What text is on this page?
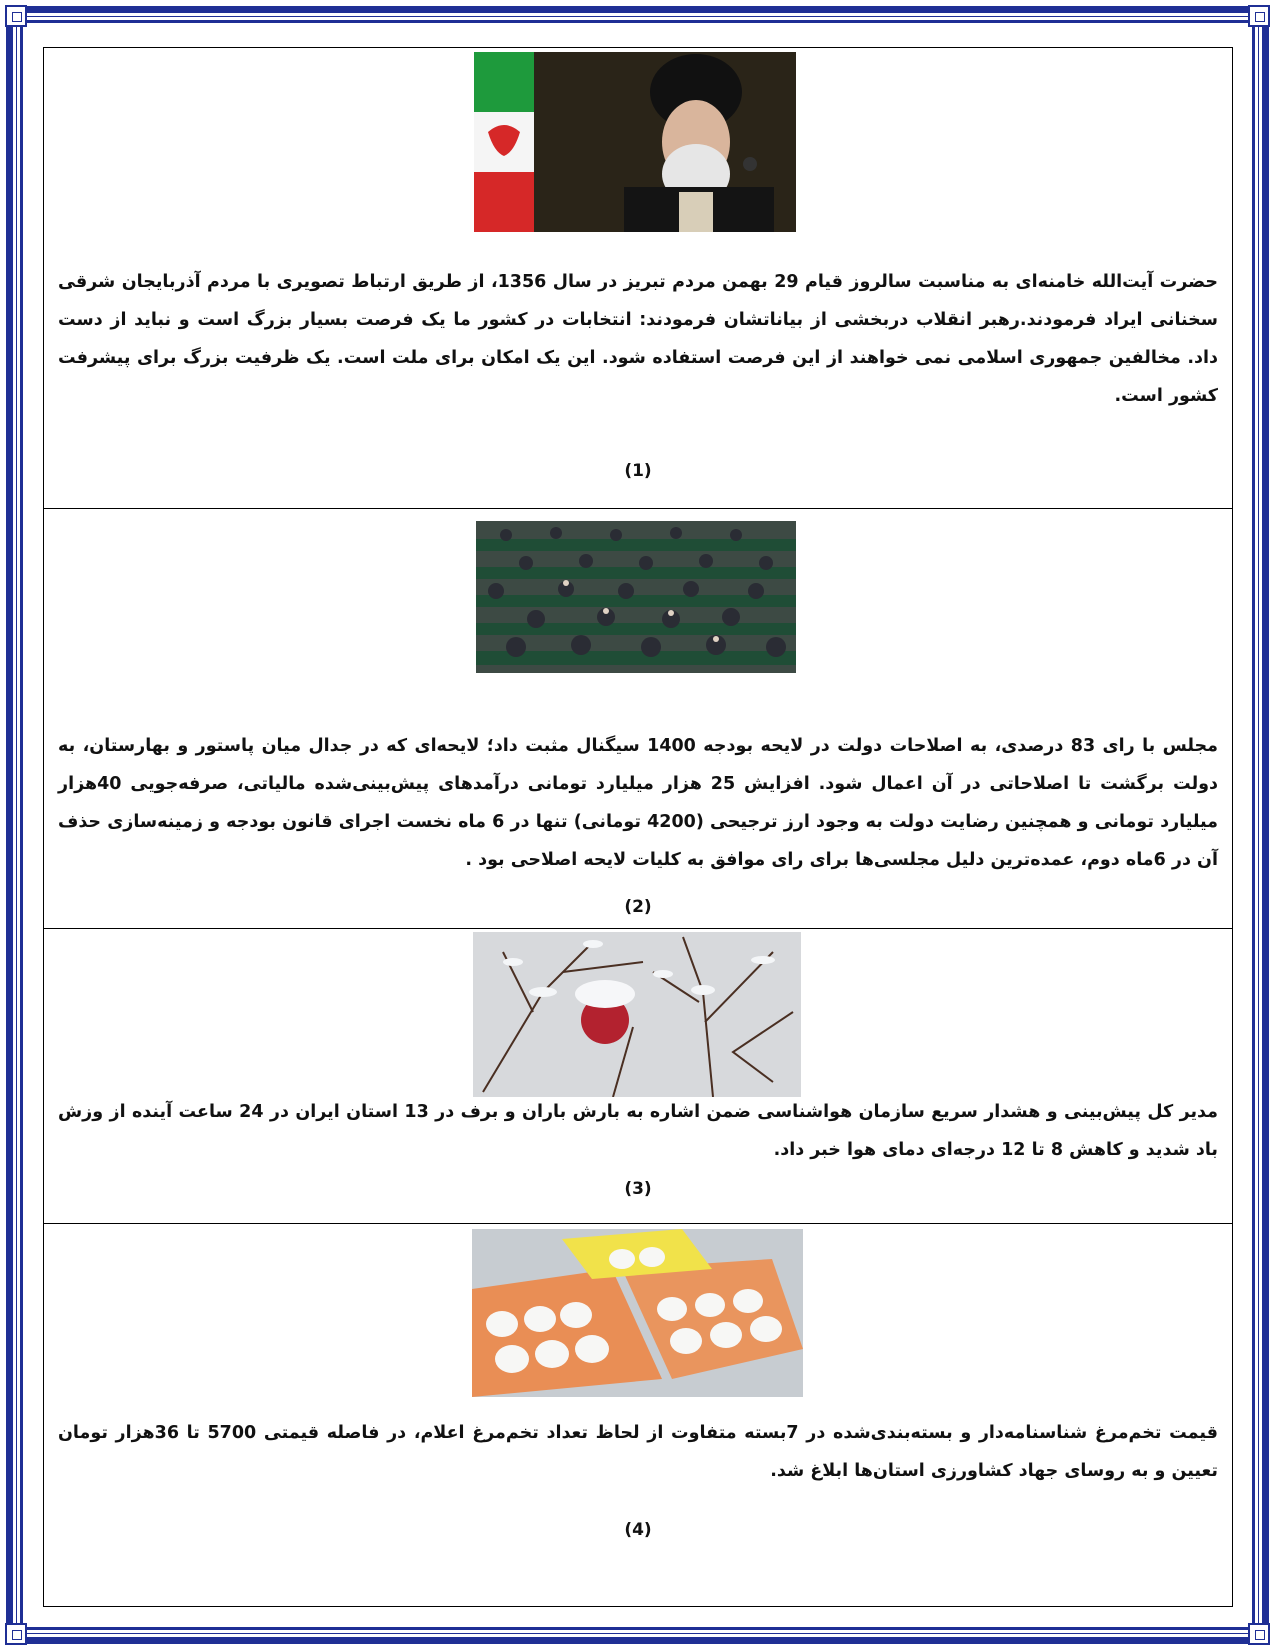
حضرت آیت‌الله خامنه‌ای به مناسبت سالروز قیام 29 بهمن مردم تبریز در سال 1356، از طریق ارتباط تصویری با مردم آذربایجان شرقی سخنانی ایراد فرمودند.رهبر انقلاب دربخشی از بیاناتشان فرمودند: انتخابات در کشور ما یک فرصت بسیار بزرگ است و نباید از دست داد. مخالفین جمهوری اسلامی نمی خواهند از این فرصت استفاده شود. این یک امکان برای ملت است. یک ظرفیت بزرگ برای پیشرفت کشور است.
(1)
مجلس با رای 83 درصدی، به اصلاحات دولت در لایحه بودجه 1400 سیگنال مثبت داد؛ لایحه‌ای که در جدال میان پاستور و بهارستان، به دولت برگشت تا اصلاحاتی در آن اعمال شود. افزایش 25 هزار میلیارد تومانی درآمدهای پیش‌بینی‌شده مالیاتی، صرفه‌جویی 40هزار میلیارد تومانی و همچنین رضایت دولت به وجود ارز ترجیحی (4200 تومانی) تنها در 6 ماه نخست اجرای قانون بودجه و زمینه‌سازی حذف آن در 6ماه دوم، عمده‌ترین دلیل مجلسی‌ها برای رای موافق به کلیات لایحه اصلاحی بود .
(2)
مدیر کل پیش‌بینی و هشدار سریع سازمان هواشناسی ضمن اشاره به بارش باران و برف در 13 استان ایران در 24 ساعت آینده از وزش باد شدید و کاهش 8 تا 12 درجه‌ای دمای هوا خبر داد.
(3)
قیمت تخم‌مرغ شناسنامه‌دار و بسته‌بندی‌شده در 7بسته متفاوت از لحاظ تعداد تخم‌مرغ اعلام، در فاصله قیمتی 5700 تا 36هزار تومان تعیین و به روسای جهاد کشاورزی استان‌ها ابلاغ شد.
(4)
